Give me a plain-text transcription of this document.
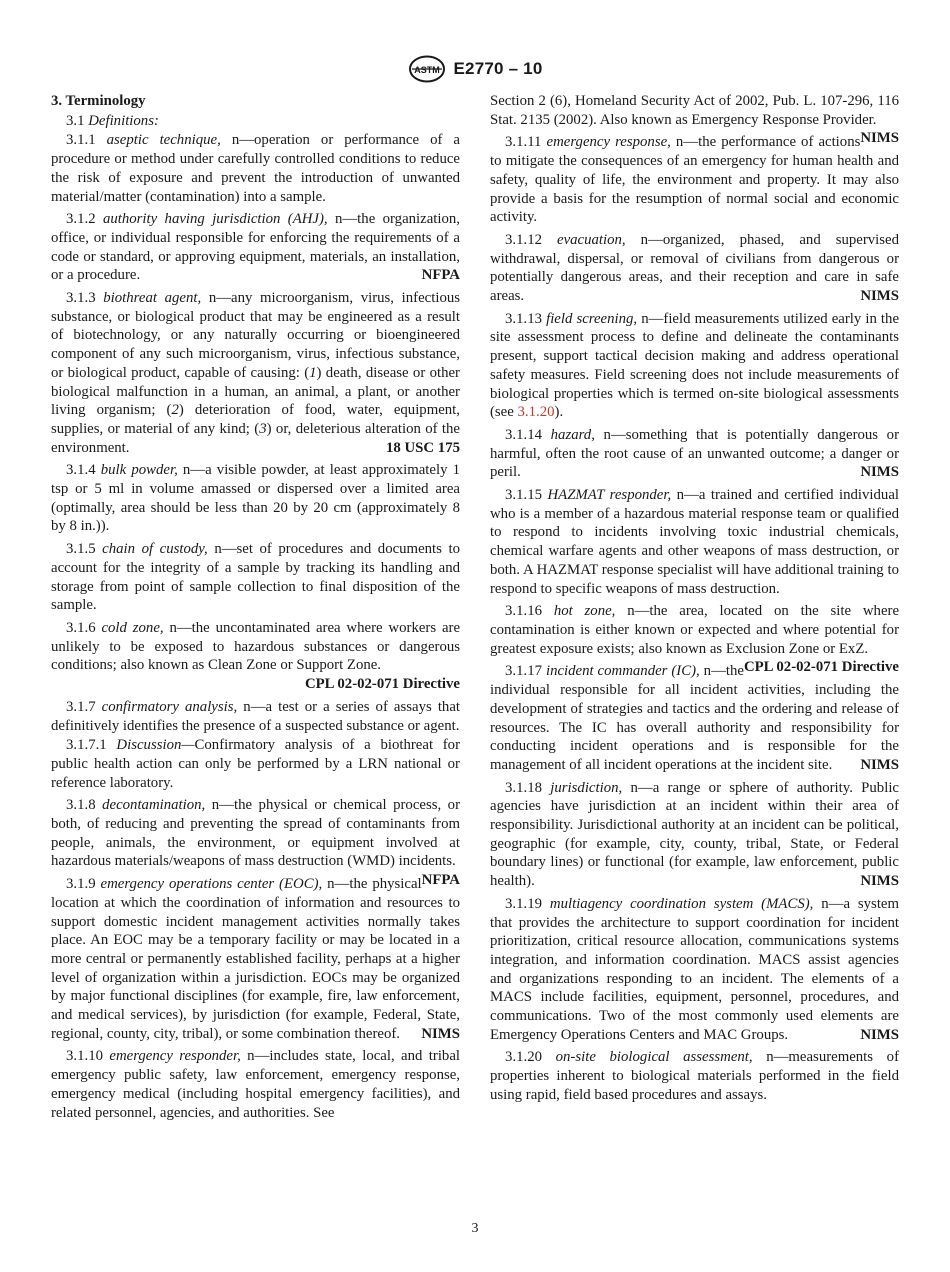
ASTM E2770 – 10

3. Terminology

3.1 Definitions:

3.1.1 aseptic technique, n—operation or performance of a procedure or method under carefully controlled conditions to reduce the risk of exposure and prevent the introduction of unwanted material/matter (contamination) into a sample.

3.1.2 authority having jurisdiction (AHJ), n—the organization, office, or individual responsible for enforcing the requirements of a code or standard, or approving equipment, materials, an installation, or a procedure.	NFPA

3.1.3 biothreat agent, n—any microorganism, virus, infectious substance, or biological product that may be engineered as a result of biotechnology, or any naturally occurring or bioengineered component of any such microorganism, virus, infectious substance, or biological product, capable of causing: (1) death, disease or other biological malfunction in a human, an animal, a plant, or another living organism; (2) deterioration of food, water, equipment, supplies, or material of any kind; (3) or, deleterious alteration of the environment.	18 USC 175

3.1.4 bulk powder, n—a visible powder, at least approximately 1 tsp or 5 ml in volume amassed or dispersed over a limited area (optimally, area should be less than 20 by 20 cm (approximately 8 by 8 in.)).

3.1.5 chain of custody, n—set of procedures and documents to account for the integrity of a sample by tracking its handling and storage from point of sample collection to final disposition of the sample.

3.1.6 cold zone, n—the uncontaminated area where workers are unlikely to be exposed to hazardous substances or dangerous conditions; also known as Clean Zone or Support Zone.

CPL 02-02-071 Directive

3.1.7 confirmatory analysis, n—a test or a series of assays that definitively identifies the presence of a suspected substance or agent.

3.1.7.1 Discussion—Confirmatory analysis of a biothreat for public health action can only be performed by a LRN national or reference laboratory.

3.1.8 decontamination, n—the physical or chemical process, or both, of reducing and preventing the spread of contaminants from people, animals, the environment, or equipment involved at hazardous materials/weapons of mass destruction (WMD) incidents.
NFPA

3.1.9 emergency operations center (EOC), n—the physical location at which the coordination of information and resources to support domestic incident management activities normally takes place. An EOC may be a temporary facility or may be located in a more central or permanently established facility, perhaps at a higher level of organization within a jurisdiction. EOCs may be organized by major functional disciplines (for example, fire, law enforcement, and medical services), by jurisdiction (for example, Federal, State, regional, county, city, tribal), or some combination thereof. NIMS

3.1.10 emergency responder, n—includes state, local, and tribal emergency public safety, law enforcement, emergency response, emergency medical (including hospital emergency facilities), and related personnel, agencies, and authorities. See

Section 2 (6), Homeland Security Act of 2002, Pub. L. 107-296, 116 Stat. 2135 (2002). Also known as Emergency Response Provider.
NIMS

3.1.11 emergency response, n—the performance of actions to mitigate the consequences of an emergency for human health and safety, quality of life, the environment and property. It may also provide a basis for the resumption of normal social and economic activity.

3.1.12 evacuation, n—organized, phased, and supervised withdrawal, dispersal, or removal of civilians from dangerous or potentially dangerous areas, and their reception and care in safe areas.	NIMS

3.1.13 field screening, n—field measurements utilized early in the site assessment process to define and delineate the contaminants present, support tactical decision making and address operational safety measures. Field screening does not include measurements of biological properties which is termed on-site biological assessments (see 3.1.20).

3.1.14 hazard, n—something that is potentially dangerous or harmful, often the root cause of an unwanted outcome; a danger or peril.	NIMS

3.1.15 HAZMAT responder, n—a trained and certified individual who is a member of a hazardous material response team or qualified to respond to incidents involving toxic industrial chemicals, chemical warfare agents and other weapons of mass destruction, or both. A HAZMAT response specialist will have additional training to respond to specific weapons of mass destruction.

3.1.16 hot zone, n—the area, located on the site where contamination is either known or expected and where potential for greatest exposure exists; also known as Exclusion Zone or ExZ.
CPL 02-02-071 Directive

3.1.17 incident commander (IC), n—the individual responsible for all incident activities, including the development of strategies and tactics and the ordering and release of resources. The IC has overall authority and responsibility for conducting incident operations and is responsible for the management of all incident operations at the incident site. NIMS

3.1.18 jurisdiction, n—a range or sphere of authority. Public agencies have jurisdiction at an incident within their area of responsibility. Jurisdictional authority at an incident can be political, geographic (for example, city, county, tribal, State, or Federal boundary lines) or functional (for example, law enforcement, public health).	NIMS

3.1.19 multiagency coordination system (MACS), n—a system that provides the architecture to support coordination for incident prioritization, critical resource allocation, communications systems integration, and information coordination. MACS assist agencies and organizations responding to an incident. The elements of a MACS include facilities, equipment, personnel, procedures, and communications. Two of the most commonly used elements are Emergency Operations Centers and MAC Groups.	NIMS

3.1.20 on-site biological assessment, n—measurements of properties inherent to biological materials performed in the field using rapid, field based procedures and assays.

3
